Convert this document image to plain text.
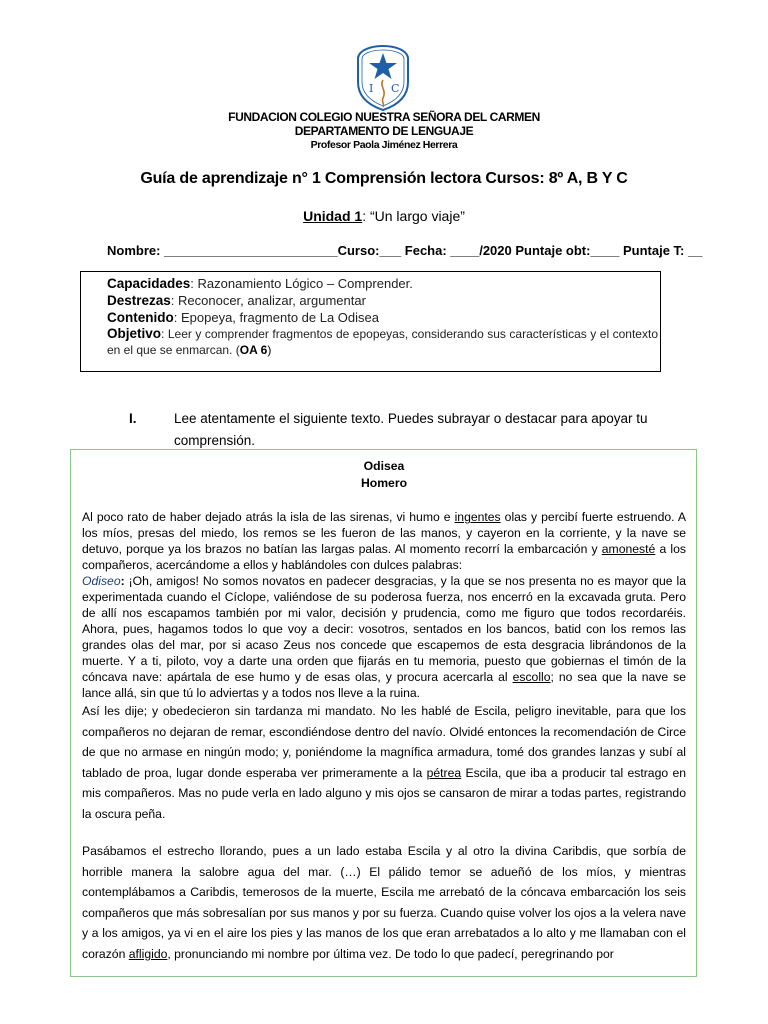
I C
FUNDACION COLEGIO NUESTRA SEÑORA DEL CARMEN
DEPARTAMENTO DE LENGUAJE
Profesor Paola Jiménez Herrera
Guía de aprendizaje n° 1 Comprensión lectora Cursos: 8º A, B Y C
Unidad 1: “Un largo viaje”
Nombre: ________________________Curso:___ Fecha: ____/2020 Puntaje obt:____ Puntaje T: __
Capacidades: Razonamiento Lógico – Comprender.
Destrezas: Reconocer, analizar, argumentar
Contenido: Epopeya, fragmento de La Odisea
Objetivo: Leer y comprender fragmentos de epopeyas, considerando sus características y el contexto en el que se enmarcan. (OA 6)
I.	Lee atentamente el siguiente texto. Puedes subrayar o destacar para apoyar tu comprensión.
Odisea
Homero

Al poco rato de haber dejado atrás la isla de las sirenas, vi humo e ingentes olas y percibí fuerte estruendo. A los míos, presas del miedo, los remos se les fueron de las manos, y cayeron en la corriente, y la nave se detuvo, porque ya los brazos no batían las largas palas. Al momento recorrí la embarcación y amonesté a los compañeros, acercándome a ellos y hablándoles con dulces palabras:

Odiseo: ¡Oh, amigos! No somos novatos en padecer desgracias, y la que se nos presenta no es mayor que la experimentada cuando el Cíclope, valiéndose de su poderosa fuerza, nos encerró en la excavada gruta. Pero de allí nos escapamos también por mi valor, decisión y prudencia, como me figuro que todos recordaréis. Ahora, pues, hagamos todos lo que voy a decir: vosotros, sentados en los bancos, batid con los remos las grandes olas del mar, por si acaso Zeus nos concede que escapemos de esta desgracia librándonos de la muerte. Y a ti, piloto, voy a darte una orden que fijarás en tu memoria, puesto que gobiernas el timón de la cóncava nave: apártala de ese humo y de esas olas, y procura acercarla al escollo; no sea que la nave se lance allá, sin que tú lo adviertas y a todos nos lleve a la ruina.

Así les dije; y obedecieron sin tardanza mi mandato. No les hablé de Escila, peligro inevitable, para que los compañeros no dejaran de remar, escondiéndose dentro del navío. Olvidé entonces la recomendación de Circe de que no armase en ningún modo; y, poniéndome la magnífica armadura, tomé dos grandes lanzas y subí al tablado de proa, lugar donde esperaba ver primeramente a la pétrea Escila, que iba a producir tal estrago en mis compañeros. Mas no pude verla en lado alguno y mis ojos se cansaron de mirar a todas partes, registrando la oscura peña.

Pasábamos el estrecho llorando, pues a un lado estaba Escila y al otro la divina Caribdis, que sorbía de horrible manera la salobre agua del mar. (…) El pálido temor se adueñó de los míos, y mientras contemplábamos a Caribdis, temerosos de la muerte, Escila me arrebató de la cóncava embarcación los seis compañeros que más sobresalían por sus manos y por su fuerza. Cuando quise volver los ojos a la velera nave y a los amigos, ya vi en el aire los pies y las manos de los que eran arrebatados a lo alto y me llamaban con el corazón afligido, pronunciando mi nombre por última vez. De todo lo que padecí, peregrinando por
